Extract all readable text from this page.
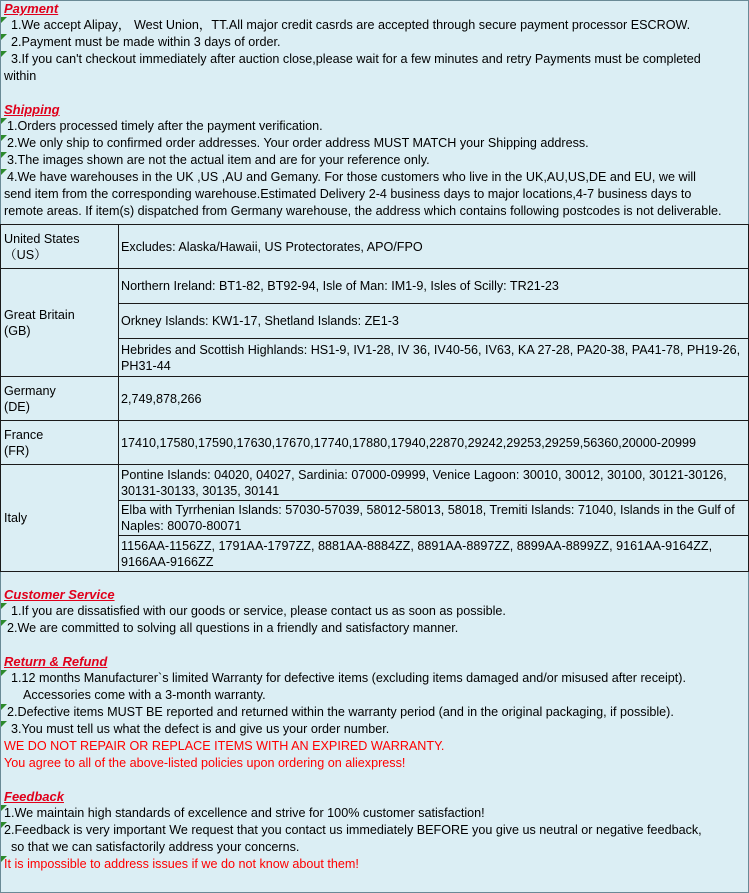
Payment
1.We accept Alipay， West Union，TT.All major credit casrds are accepted through secure payment processor ESCROW.
2.Payment must be made within 3 days of order.
3.If you can't checkout immediately after auction close,please wait for a few minutes and retry Payments must be completed
within
Shipping
1.Orders processed timely after the payment verification.
2.We only ship to confirmed order addresses. Your order address MUST MATCH your Shipping address.
3.The images shown are not the actual item and are for your reference only.
4.We have warehouses in the UK ,US ,AU and Gemany. For those customers who live in the UK,AU,US,DE and EU, we will
send item from the corresponding warehouse.Estimated Delivery 2-4 business days to major locations,4-7 business days to
remote areas. If item(s) dispatched from Germany warehouse, the address which contains following postcodes is not deliverable.
United States
（US）	Excludes: Alaska/Hawaii, US Protectorates, APO/FPO

Great Britain
(GB)	Northern Ireland: BT1-82, BT92-94, Isle of Man: IM1-9, Isles of Scilly: TR21-23
	Orkney Islands: KW1-17, Shetland Islands: ZE1-3
	Hebrides and Scottish Highlands: HS1-9, IV1-28, IV 36, IV40-56, IV63, KA 27-28, PA20-38, PA41-78, PH19-26, PH31-44

Germany
(DE)	2,749,878,266

France
(FR)	17410,17580,17590,17630,17670,17740,17880,17940,22870,29242,29253,29259,56360,20000-20999

Italy	Pontine Islands: 04020, 04027, Sardinia: 07000-09999, Venice Lagoon: 30010, 30012, 30100, 30121-30126, 30131-30133, 30135, 30141
	Elba with Tyrrhenian Islands: 57030-57039, 58012-58013, 58018, Tremiti Islands: 71040, Islands in the Gulf of Naples: 80070-80071
	1156AA-1156ZZ, 1791AA-1797ZZ, 8881AA-8884ZZ, 8891AA-8897ZZ, 8899AA-8899ZZ, 9161AA-9164ZZ, 9166AA-9166ZZ
Customer Service
1.If you are dissatisfied with our goods or service, please contact us as soon as possible.
2.We are committed to solving all questions in a friendly and satisfactory manner.
Return & Refund
1.12 months Manufacturer`s limited Warranty for defective items (excluding items damaged and/or misused after receipt).
Accessories come with a 3-month warranty.
2.Defective items MUST BE reported and returned within the warranty period (and in the original packaging, if possible).
3.You must tell us what the defect is and give us your order number.
WE DO NOT REPAIR OR REPLACE ITEMS WITH AN EXPIRED WARRANTY.
You agree to all of the above-listed policies upon ordering on aliexpress!
Feedback
1.We maintain high standards of excellence and strive for 100% customer satisfaction!
2.Feedback is very important We request that you contact us immediately BEFORE you give us neutral or negative feedback,
so that we can satisfactorily address your concerns.
It is impossible to address issues if we do not know about them!
